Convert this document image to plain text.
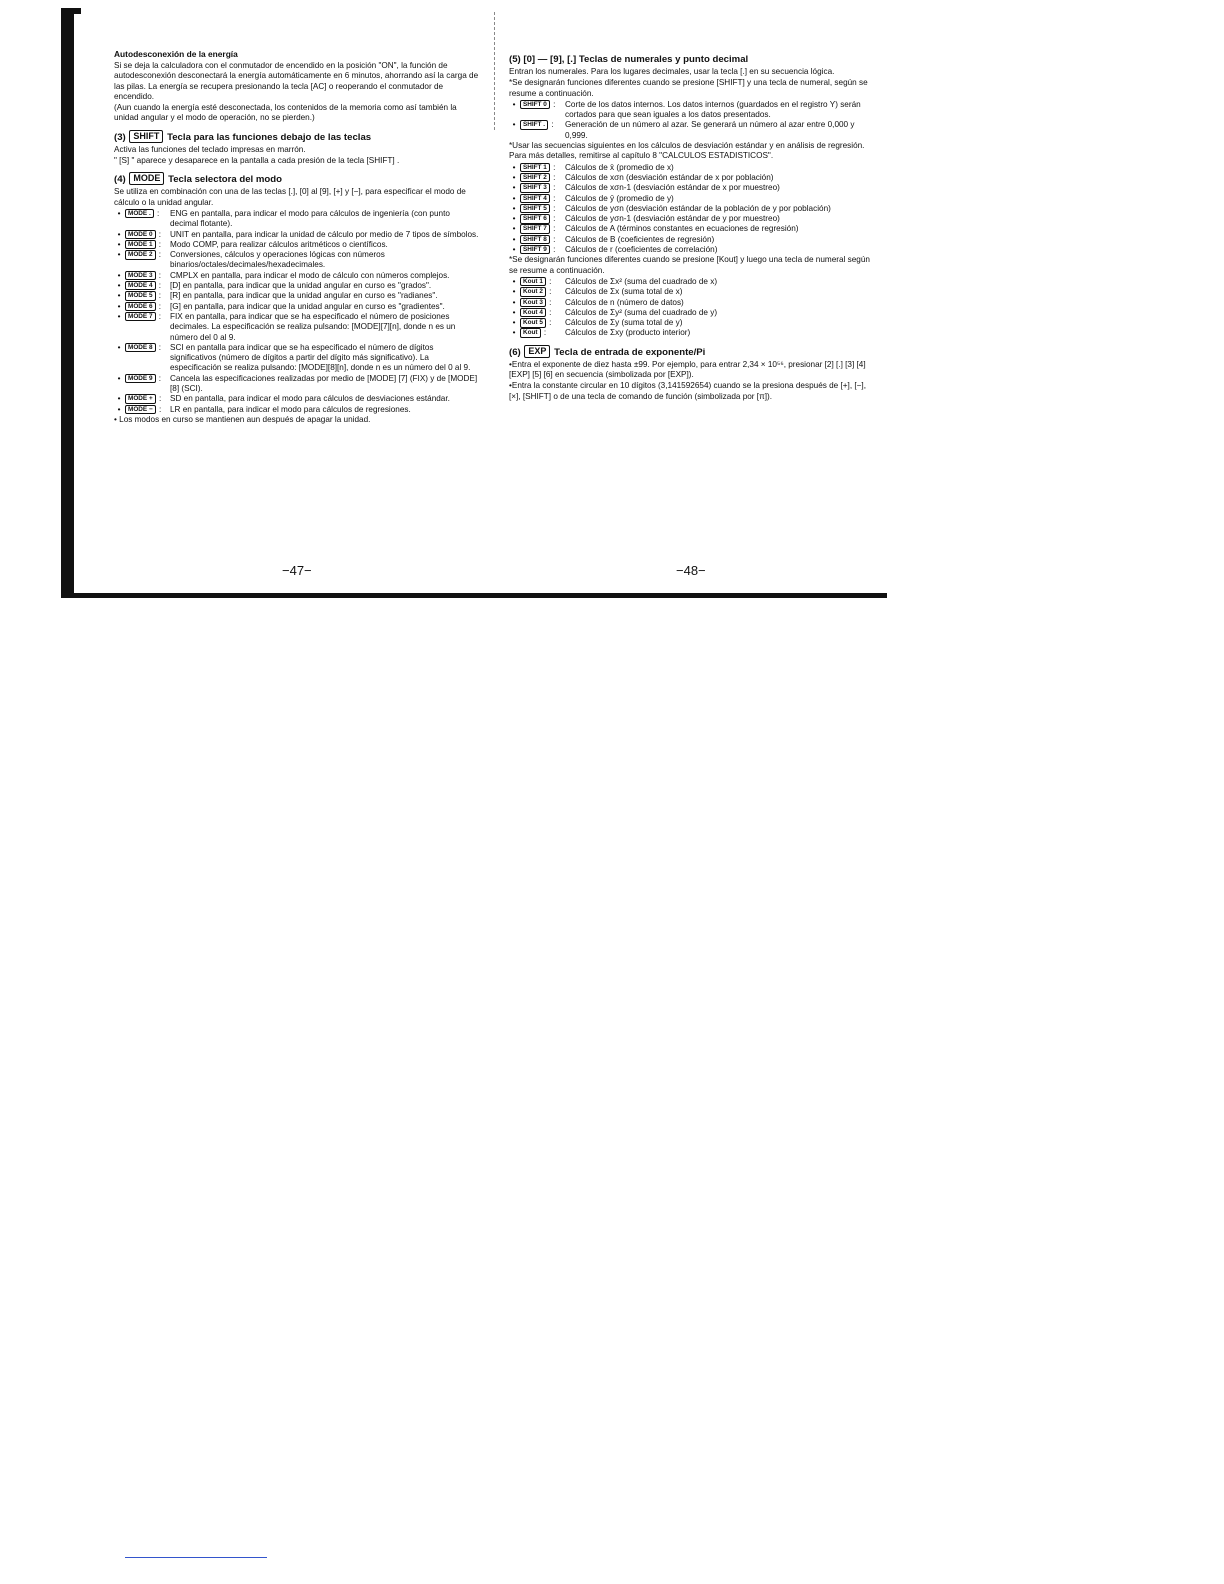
Autodesconexión de la energía

Si se deja la calculadora con el conmutador de encendido en la posición "ON", la función de autodesconexión desconectará la energía automáticamente en 6 minutos, ahorrando así la carga de las pilas. La energía se recupera presionando la tecla [AC] o reoperando el conmutador de encendido.

(Aun cuando la energía esté desconectada, los contenidos de la memoria como así también la unidad angular y el modo de operación, no se pierden.)

(3) SHIFT Tecla para las funciones debajo de las teclas

Activa las funciones del teclado impresas en marrón.

" [S] " aparece y desaparece en la pantalla a cada presión de la tecla [SHIFT] .

(4) MODE Tecla selectora del modo

Se utiliza en combinación con una de las teclas [.], [0] al [9], [+] y [−], para especificar el modo de cálculo o la unidad angular.

•	MODE . :	ENG en pantalla, para indicar el modo para cálculos de ingeniería (con punto decimal flotante).
•	MODE 0 :	UNIT en pantalla, para indicar la unidad de cálculo por medio de 7 tipos de símbolos.
•	MODE 1 :	Modo COMP, para realizar cálculos aritméticos o científicos.
•	MODE 2 :	Conversiones, cálculos y operaciones lógicas con números binarios/octales/decimales/hexadecimales.
•	MODE 3 :	CMPLX en pantalla, para indicar el modo de cálculo con números complejos.
•	MODE 4 :	[D] en pantalla, para indicar que la unidad angular en curso es "grados".
•	MODE 5 :	[R] en pantalla, para indicar que la unidad angular en curso es "radianes".
•	MODE 6 :	[G] en pantalla, para indicar que la unidad angular en curso es "gradientes".
•	MODE 7 :	FIX en pantalla, para indicar que se ha especificado el número de posiciones decimales. La especificación se realiza pulsando: [MODE][7][n], donde n es un número del 0 al 9.
•	MODE 8 :	SCI en pantalla para indicar que se ha especificado el número de dígitos significativos (número de dígitos a partir del dígito más significativo). La especificación se realiza pulsando: [MODE][8][n], donde n es un número del 0 al 9.
•	MODE 9 :	Cancela las especificaciones realizadas por medio de [MODE] [7] (FIX) y de [MODE] [8] (SCI).
•	MODE + :	SD en pantalla, para indicar el modo para cálculos de desviaciones estándar.
•	MODE − :	LR en pantalla, para indicar el modo para cálculos de regresiones.

• Los modos en curso se mantienen aun después de apagar la unidad.

−47−
(5) [0] — [9], [.] Teclas de numerales y punto decimal

Entran los numerales. Para los lugares decimales, usar la tecla [.] en su secuencia lógica.

*Se designarán funciones diferentes cuando se presione [SHIFT] y una tecla de numeral, según se resume a continuación.

•	SHIFT 0 :	Corte de los datos internos. Los datos internos (guardados en el registro Y) serán cortados para que sean iguales a los datos presentados.
•	SHIFT . :	Generación de un número al azar. Se generará un número al azar entre 0,000 y 0,999.

*Usar las secuencias siguientes en los cálculos de desviación estándar y en análisis de regresión. Para más detalles, remitirse al capítulo 8 "CALCULOS ESTADISTICOS".

•	SHIFT 1 :	Cálculos de x̄ (promedio de x)
•	SHIFT 2 :	Cálculos de xσn (desviación estándar de x por población)
•	SHIFT 3 :	Cálculos de xσn-1 (desviación estándar de x por muestreo)
•	SHIFT 4 :	Cálculos de ȳ (promedio de y)
•	SHIFT 5 :	Cálculos de yσn (desviación estándar de la población de y por población)
•	SHIFT 6 :	Cálculos de yσn-1 (desviación estándar de y por muestreo)
•	SHIFT 7 :	Cálculos de A (términos constantes en ecuaciones de regresión)
•	SHIFT 8 :	Cálculos de B (coeficientes de regresión)
•	SHIFT 9 :	Cálculos de r (coeficientes de correlación)

*Se designarán funciones diferentes cuando se presione [Kout] y luego una tecla de numeral según se resume a continuación.

•	Kout 1 :	Cálculos de Σx² (suma del cuadrado de x)
•	Kout 2 :	Cálculos de Σx (suma total de x)
•	Kout 3 :	Cálculos de n (número de datos)
•	Kout 4 :	Cálculos de Σy² (suma del cuadrado de y)
•	Kout 5 :	Cálculos de Σy (suma total de y)
•	Kout :	Cálculos de Σxy (producto interior)
(6) EXP Tecla de entrada de exponente/Pi

•Entra el exponente de diez hasta ±99. Por ejemplo, para entrar 2,34 × 10⁵⁶, presionar [2] [.] [3] [4] [EXP] [5] [6] en secuencia (simbolizada por [EXP]).

•Entra la constante circular en 10 dígitos (3,141592654) cuando se la presiona después de [+], [−], [×], [SHIFT] o de una tecla de comando de función (simbolizada por [π]).

−48−
